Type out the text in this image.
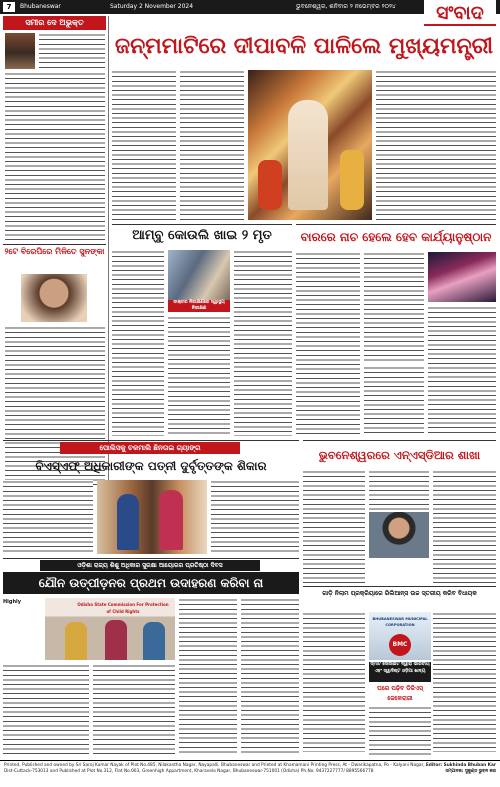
7	Bhubaneswar	Saturday 2 November 2024	ଭୁବନେଶ୍ୱର, ଶନିବାର ୨ ନଭେମ୍ବର ୨୦୨୪	ସଂବାଦ
ସମୀର ଦେ ଅଭୁକ୍ତ
୨ଟେ ବିରେପିରେ ମିଳିତେ ସୁନଙ୍କା
ଜନ୍ମମାଟିରେ ଦୀପାବଳି ପାଳିଲେ ମୁଖ୍ୟମନ୍ତ୍ରୀ
ଆମ୍ବୁ କୋଉଲି ଖାଇ ୨ ମୃତ
ଡାକ୍ତର ନିରୀକ୍ଷଣରେ ସ୍ୱାସ୍ଥ୍ୟ ନିରୀକ୍ଷଣ
ବାରରେ ନାଚ ହେଲେ ହେବ କାର୍ଯ୍ୟାନୁଷ୍ଠାନ
ପୋଲିସକୁ ଚକମାଲି ଛିନତାଇ ଗ୍ୟାଙ୍ଗ
ବିଏସ୍ଏଫ୍ ଅଧିକାରୀଙ୍କ ପତ୍ନୀ ଦୁର୍ବୃତ୍ତଙ୍କ ଶିକାର
ଭୁବନେଶ୍ୱରରେ ଏନ୍ଏସ୍ଡିଆର ଶାଖା
ଗାଡ଼ି ନିଲାମ ପ୍ରକ୍ରିୟାରେ ରିଲିଆନ୍ସ ଉଚ୍ଚ ସ୍ତରୀୟ କରିବ ବିଧାୟକ
ଓଡ଼ିଶା ରାଜ୍ୟ ଶିଶୁ ଅଧିକାର ସୁରକ୍ଷା ଆୟୋଗର ପ୍ରତିଷ୍ଠା ଦିବସ
ଯୌନ ଉତ୍ପୀଡ଼ନର ପ୍ରଥମ ଉଦାହରଣ କରିବା ନା
Highly	Odisha State Commission For Protection of Child Rights
BHUBANESWAR MUNICIPAL CORPORATION
BMC
ସ୍ମାର୍ଟ ସୋସାଇଟି ଦ୍ୱାରା ଭାରତୀୟ ଏବଂ ସ୍ୱାଦିଷ୍ଟ ଓଡ଼ିଆ ଖାଦ୍ୟ
ଘରେ ପଢ଼ିବ ଡିଜିଏସ୍ ଜେକେରାରୀ
Printed, Published and owned by Sri Saroj Kumar Nayak of Plot No.485, Nilakantha Nagar, Nayapalli, Bhubaneswar and Printed at Khamamani Printing Press, At - Dwarikapatna, Po - Kalyani Nagar,
Dist-Cuttack-753013 and Published at Plot No.312, Flat No.003, Greenhigh Appartment, Kharavela Nagar, Bhubaneswar-751001 (Odisha) Ph.No. 9437227777/ 8895566778
Editor: Sukhinda Bhuban Kar
ସମ୍ପାଦକ: ସୁକୁଣ୍ଡ ଭୁବନ କର
